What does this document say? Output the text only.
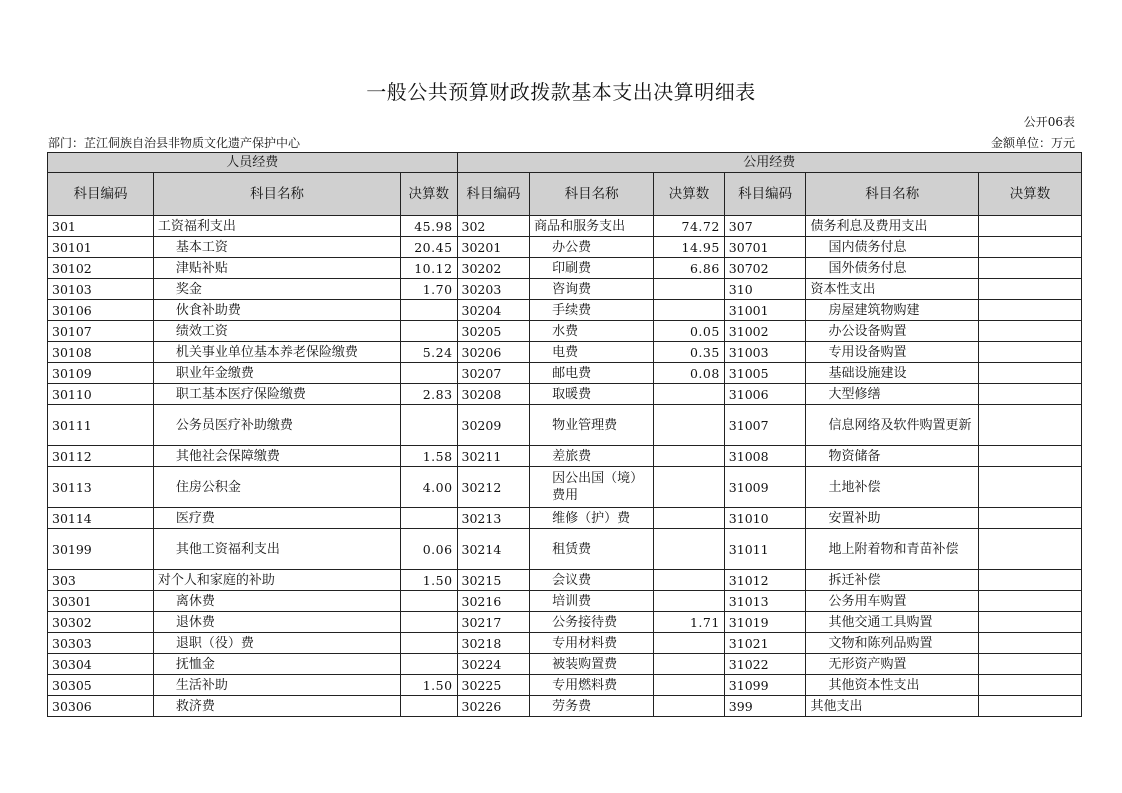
一般公共预算财政拨款基本支出决算明细表
公开06表
部门：芷江侗族自治县非物质文化遗产保护中心	金额单位：万元
人员经费			公用经费					
科目编码	科目名称	决算数	科目编码	科目名称	决算数	科目编码	科目名称	决算数
301	工资福利支出	45.98	302	商品和服务支出	74.72	307	债务利息及费用支出	
30101	基本工资	20.45	30201	办公费	14.95	30701	国内债务付息	
30102	津贴补贴	10.12	30202	印刷费	6.86	30702	国外债务付息	
30103	奖金	1.70	30203	咨询费		310	资本性支出	
30106	伙食补助费		30204	手续费		31001	房屋建筑物购建	
30107	绩效工资		30205	水费	0.05	31002	办公设备购置	
30108	机关事业单位基本养老保险缴费	5.24	30206	电费	0.35	31003	专用设备购置	
30109	职业年金缴费		30207	邮电费	0.08	31005	基础设施建设	
30110	职工基本医疗保险缴费	2.83	30208	取暖费		31006	大型修缮	
30111	公务员医疗补助缴费		30209	物业管理费		31007	信息网络及软件购置更新	
30112	其他社会保障缴费	1.58	30211	差旅费		31008	物资储备	
30113	住房公积金	4.00	30212	因公出国（境）费用		31009	土地补偿	
30114	医疗费		30213	维修（护）费		31010	安置补助	
30199	其他工资福利支出	0.06	30214	租赁费		31011	地上附着物和青苗补偿	
303	对个人和家庭的补助	1.50	30215	会议费		31012	拆迁补偿	
30301	离休费		30216	培训费		31013	公务用车购置	
30302	退休费		30217	公务接待费	1.71	31019	其他交通工具购置	
30303	退职（役）费		30218	专用材料费		31021	文物和陈列品购置	
30304	抚恤金		30224	被装购置费		31022	无形资产购置	
30305	生活补助	1.50	30225	专用燃料费		31099	其他资本性支出	
30306	救济费		30226	劳务费		399	其他支出	
